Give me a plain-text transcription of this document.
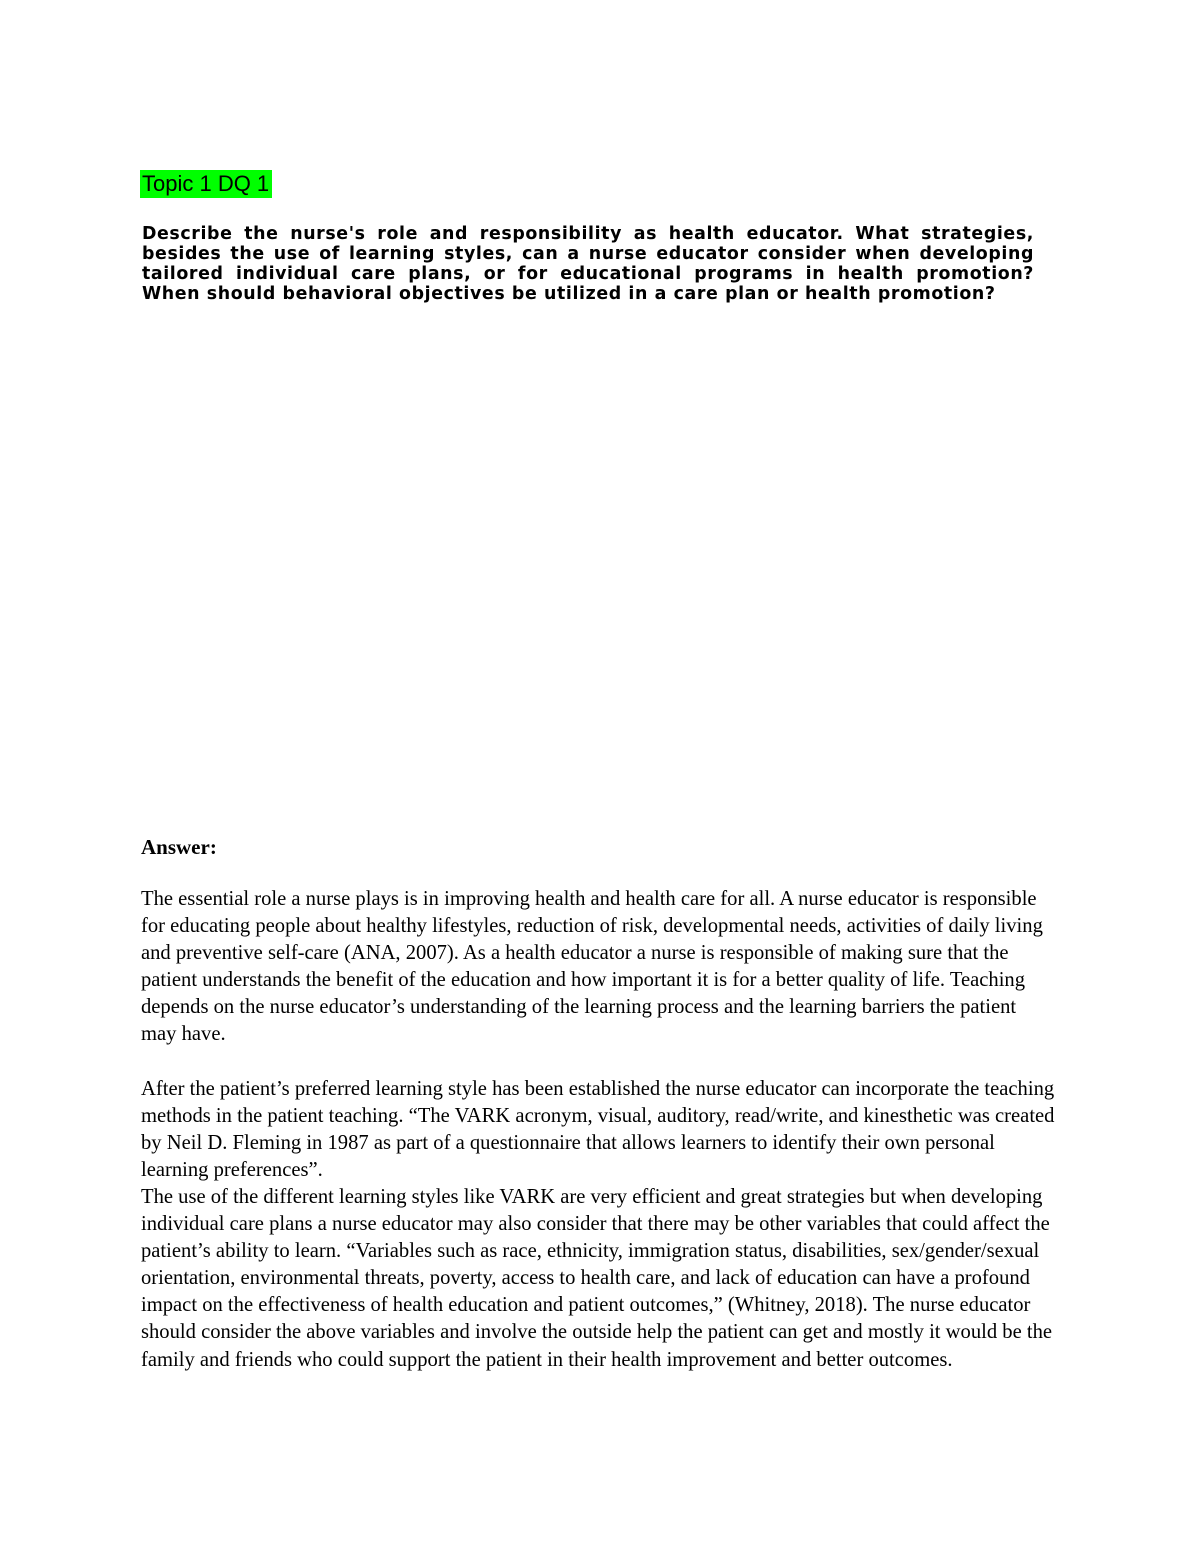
Topic 1 DQ 1

Describe the nurse's role and responsibility as health educator. What strategies, besides the use of learning styles, can a nurse educator consider when developing tailored individual care plans, or for educational programs in health promotion? When should behavioral objectives be utilized in a care plan or health promotion?

Answer:

The essential role a nurse plays is in improving health and health care for all. A nurse educator is responsible for educating people about healthy lifestyles, reduction of risk, developmental needs, activities of daily living and preventive self-care (ANA, 2007). As a health educator a nurse is responsible of making sure that the patient understands the benefit of the education and how important it is for a better quality of life. Teaching depends on the nurse educator’s understanding of the learning process and the learning barriers the patient may have.

After the patient’s preferred learning style has been established the nurse educator can incorporate the teaching methods in the patient teaching. “The VARK acronym, visual, auditory, read/write, and kinesthetic was created by Neil D. Fleming in 1987 as part of a questionnaire that allows learners to identify their own personal learning preferences”.

The use of the different learning styles like VARK are very efficient and great strategies but when developing individual care plans a nurse educator may also consider that there may be other variables that could affect the patient’s ability to learn. “Variables such as race, ethnicity, immigration status, disabilities, sex/gender/sexual orientation, environmental threats, poverty, access to health care, and lack of education can have a profound impact on the effectiveness of health education and patient outcomes,” (Whitney, 2018). The nurse educator should consider the above variables and involve the outside help the patient can get and mostly it would be the family and friends who could support the patient in their health improvement and better outcomes.
